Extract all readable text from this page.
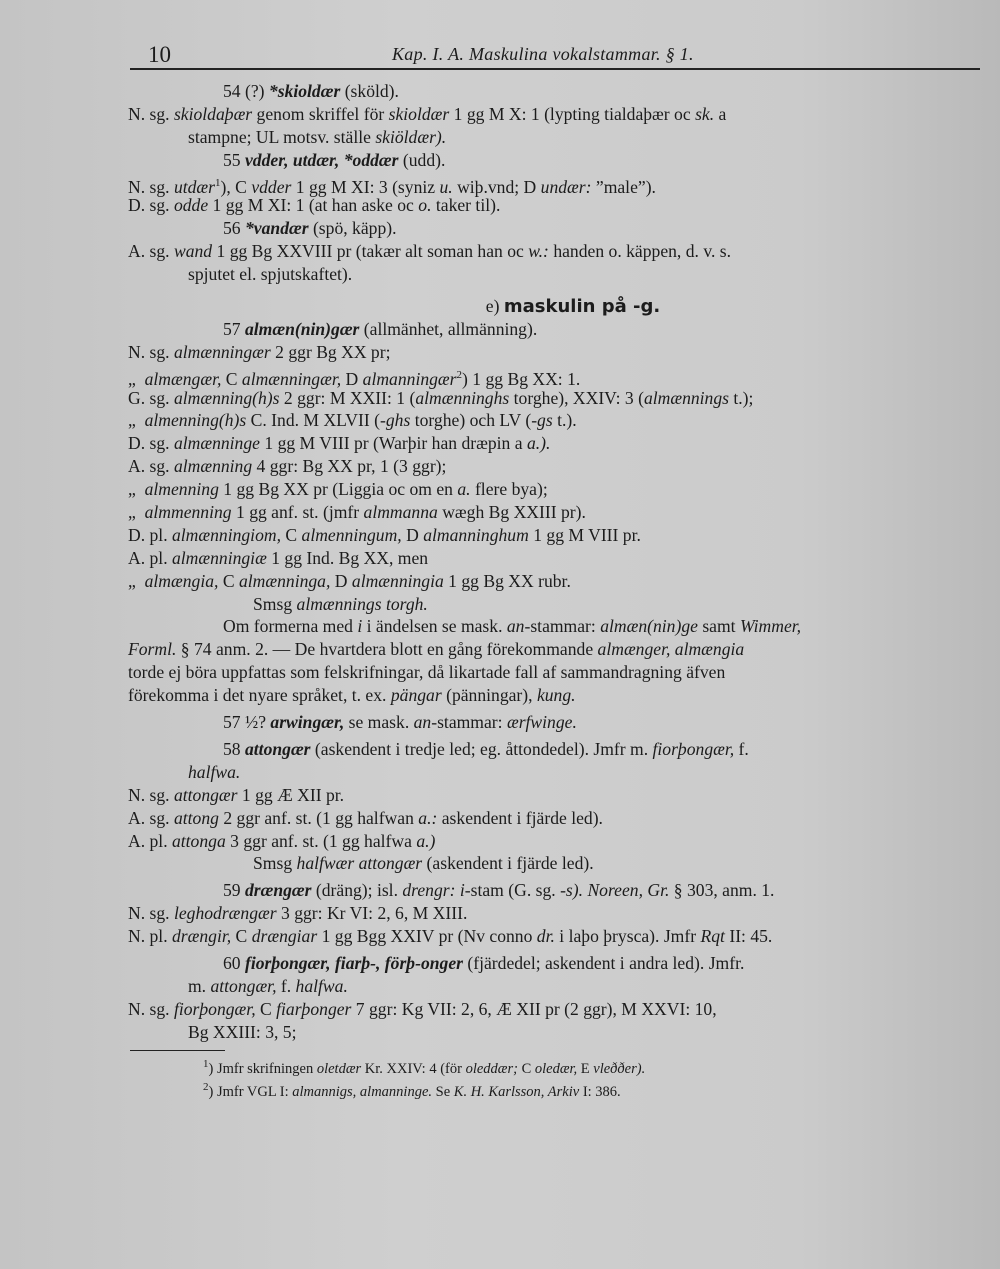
10	Kap. I. A. Maskulina vokalstammar. § 1.
54 (?) *skioldær (sköld).
N. sg. skioldaþær genom skriffel för skioldær 1 gg M X: 1 (lypting tialdaþær oc sk. a
stampne; UL motsv. ställe skiöldær).
55 vdder, utdær, *oddær (udd).
N. sg. utdær$^1$), C vdder 1 gg M XI: 3 (syniz u. wiþ.vnd; D undær: ”male”).
D. sg. odde 1 gg M XI: 1 (at han aske oc o. taker til).
56 *vandær (spö, käpp).
A. sg. wand 1 gg Bg XXVIII pr (takær alt soman han oc w.: handen o. käppen, d. v. s.
spjutet el. spjutskaftet).
e) maskulin på -g.
57 almæn(nin)gær (allmänhet, allmänning).
N. sg. almænningær 2 ggr Bg XX pr;
„  almængær, C almænningær, D almanningær$^2$) 1 gg Bg XX: 1.
G. sg. almænning(h)s 2 ggr: M XXII: 1 (almænninghs torghe), XXIV: 3 (almænnings t.);
„  almenning(h)s C. Ind. M XLVII (-ghs torghe) och LV (-gs t.).
D. sg. almænninge 1 gg M VIII pr (Warþir han dræpin a a.).
A. sg. almænning 4 ggr: Bg XX pr, 1 (3 ggr);
„  almenning 1 gg Bg XX pr (Liggia oc om en a. flere bya);
„  almmenning 1 gg anf. st. (jmfr almmanna wægh Bg XXIII pr).
D. pl. almænningiom, C almenningum, D almanninghum 1 gg M VIII pr.
A. pl. almænningiæ 1 gg Ind. Bg XX, men
„  almængia, C almænninga, D almænningia 1 gg Bg XX rubr.
Smsg almænnings torgh.
Om formerna med i i ändelsen se mask. an-stammar: almæn(nin)ge samt Wimmer,
Forml. § 74 anm. 2. — De hvartdera blott en gång förekommande almænger, almængia
torde ej böra uppfattas som felskrifningar, då likartade fall af sammandragning äfven
förekomma i det nyare språket, t. ex. pängar (pänningar), kung.
57 ½? arwingær, se mask. an-stammar: ærfwinge.
58 attongær (askendent i tredje led; eg. åttondedel). Jmfr m. fiorþongær, f.
halfwa.
N. sg. attongær 1 gg Æ XII pr.
A. sg. attong 2 ggr anf. st. (1 gg halfwan a.: askendent i fjärde led).
A. pl. attonga 3 ggr anf. st. (1 gg halfwa a.)
Smsg halfwær attongær (askendent i fjärde led).
59 drængær (dräng); isl. drengr: i-stam (G. sg. -s). Noreen, Gr. § 303, anm. 1.
N. sg. leghodrængær 3 ggr: Kr VI: 2, 6, M XIII.
N. pl. drængir, C drængiar 1 gg Bgg XXIV pr (Nv conno dr. i laþo þrysca). Jmfr Rqt II: 45.
60 fiorþongær, fiarþ-, förþ-onger (fjärdedel; askendent i andra led). Jmfr.
m. attongær, f. halfwa.
N. sg. fiorþongær, C fiarþonger 7 ggr: Kg VII: 2, 6, Æ XII pr (2 ggr), M XXVI: 10,
Bg XXIII: 3, 5;
$^1$) Jmfr skrifningen oletdær Kr. XXIV: 4 (för oleddær; C oledær, E vleððer).
$^2$) Jmfr VGL I: almannigs, almanninge. Se K. H. Karlsson, Arkiv I: 386.
